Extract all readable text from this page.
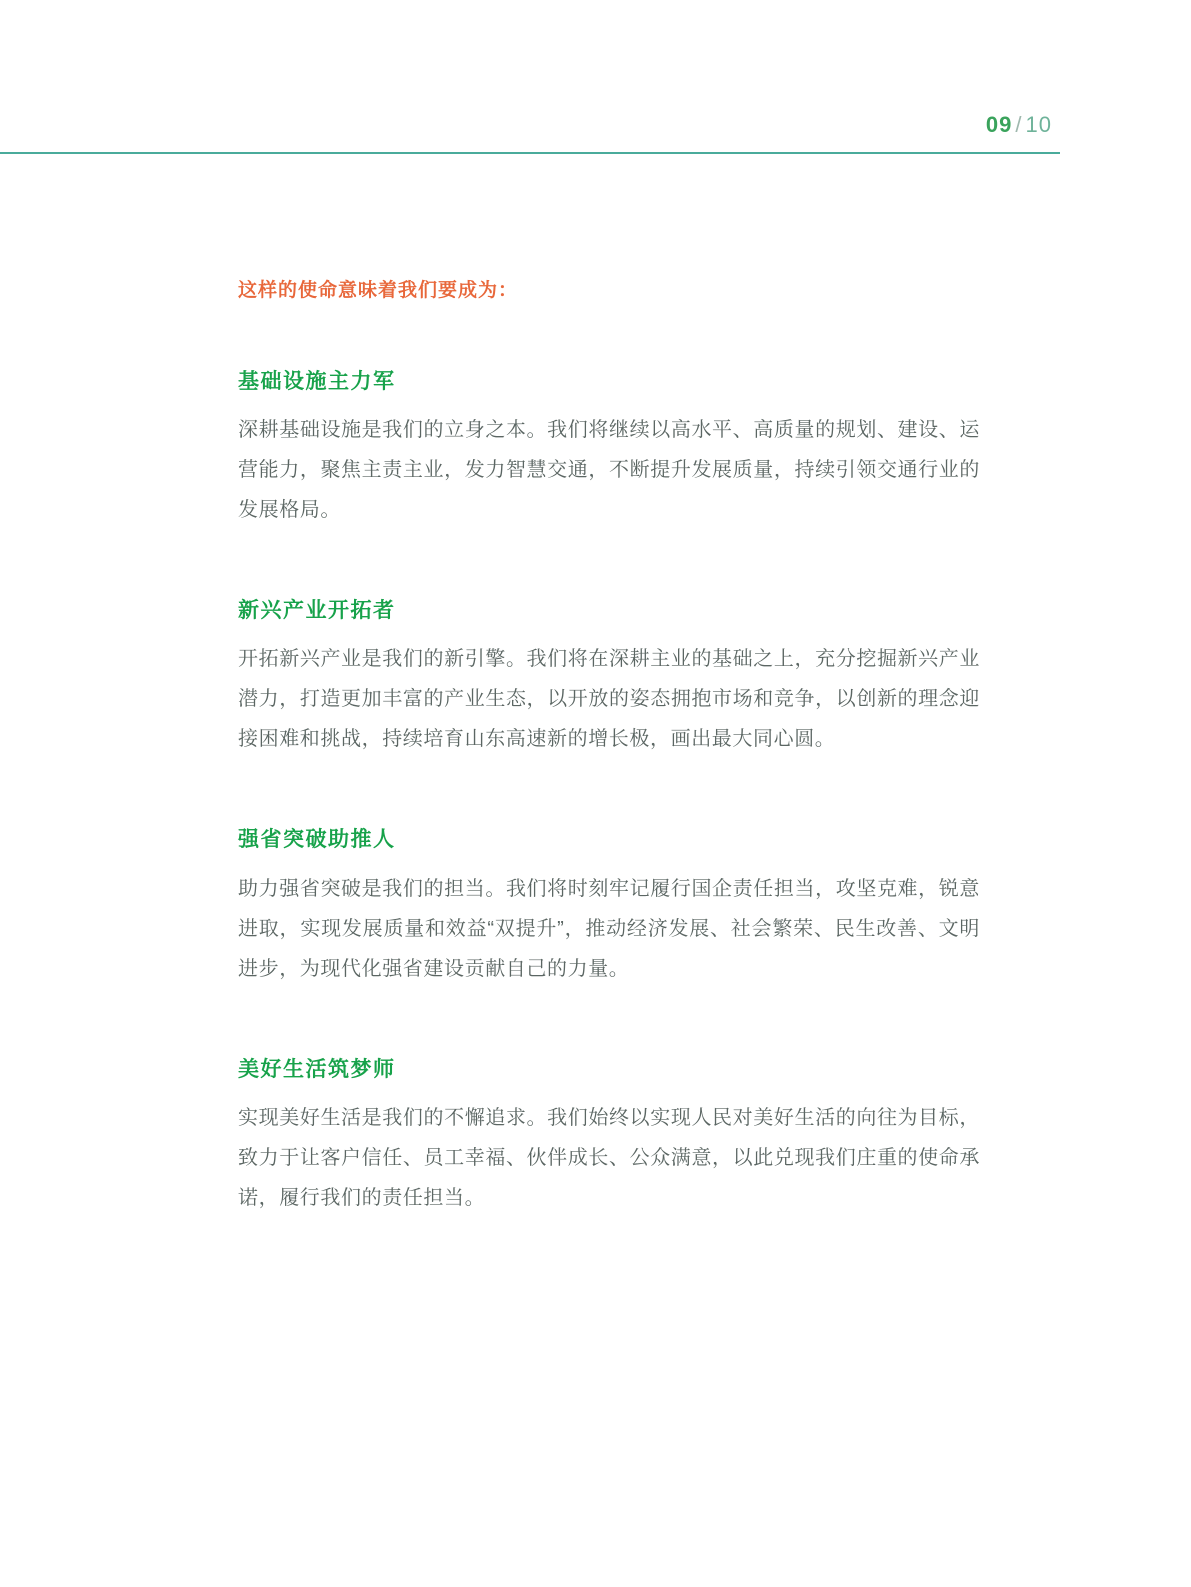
09 / 10

这样的使命意味着我们要成为：

基础设施主力军

深耕基础设施是我们的立身之本。我们将继续以高水平、高质量的规划、建设、运营能力，聚焦主责主业，发力智慧交通，不断提升发展质量，持续引领交通行业的发展格局。

新兴产业开拓者

开拓新兴产业是我们的新引擎。我们将在深耕主业的基础之上，充分挖掘新兴产业潜力，打造更加丰富的产业生态，以开放的姿态拥抱市场和竞争，以创新的理念迎接困难和挑战，持续培育山东高速新的增长极，画出最大同心圆。

强省突破助推人

助力强省突破是我们的担当。我们将时刻牢记履行国企责任担当，攻坚克难，锐意进取，实现发展质量和效益“双提升”，推动经济发展、社会繁荣、民生改善、文明进步，为现代化强省建设贡献自己的力量。

美好生活筑梦师

实现美好生活是我们的不懈追求。我们始终以实现人民对美好生活的向往为目标，致力于让客户信任、员工幸福、伙伴成长、公众满意，以此兑现我们庄重的使命承诺，履行我们的责任担当。
